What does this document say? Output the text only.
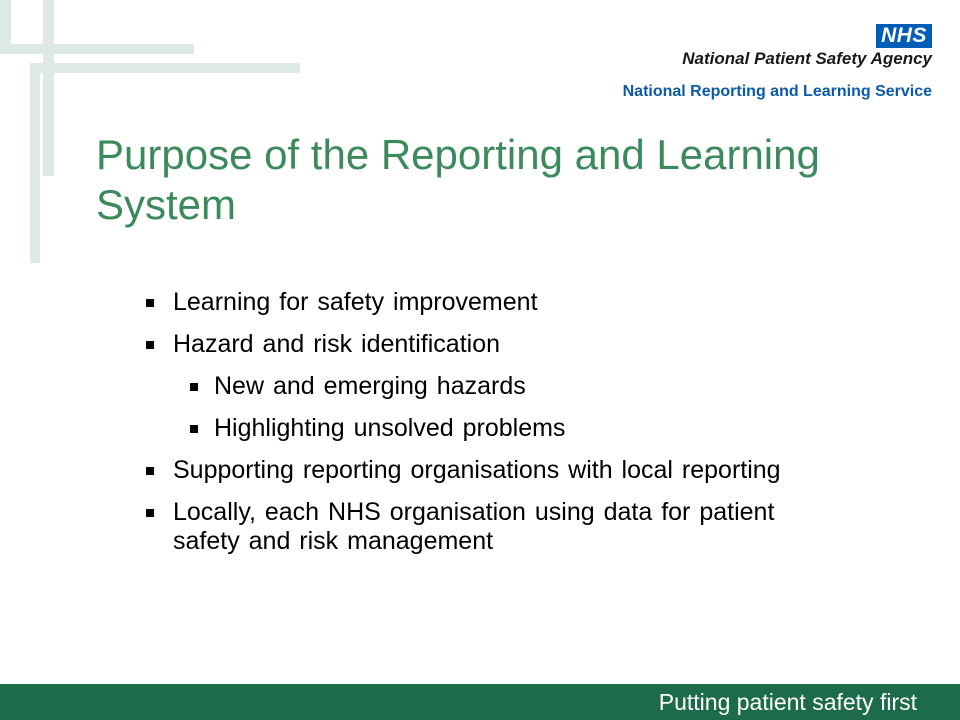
NHS
National Patient Safety Agency
National Reporting and Learning Service
Purpose of the Reporting and Learning System
Learning for safety improvement
Hazard and risk identification
New and emerging hazards
Highlighting unsolved problems
Supporting reporting organisations with local reporting
Locally, each NHS organisation using data for patient safety and risk management
Putting patient safety first
